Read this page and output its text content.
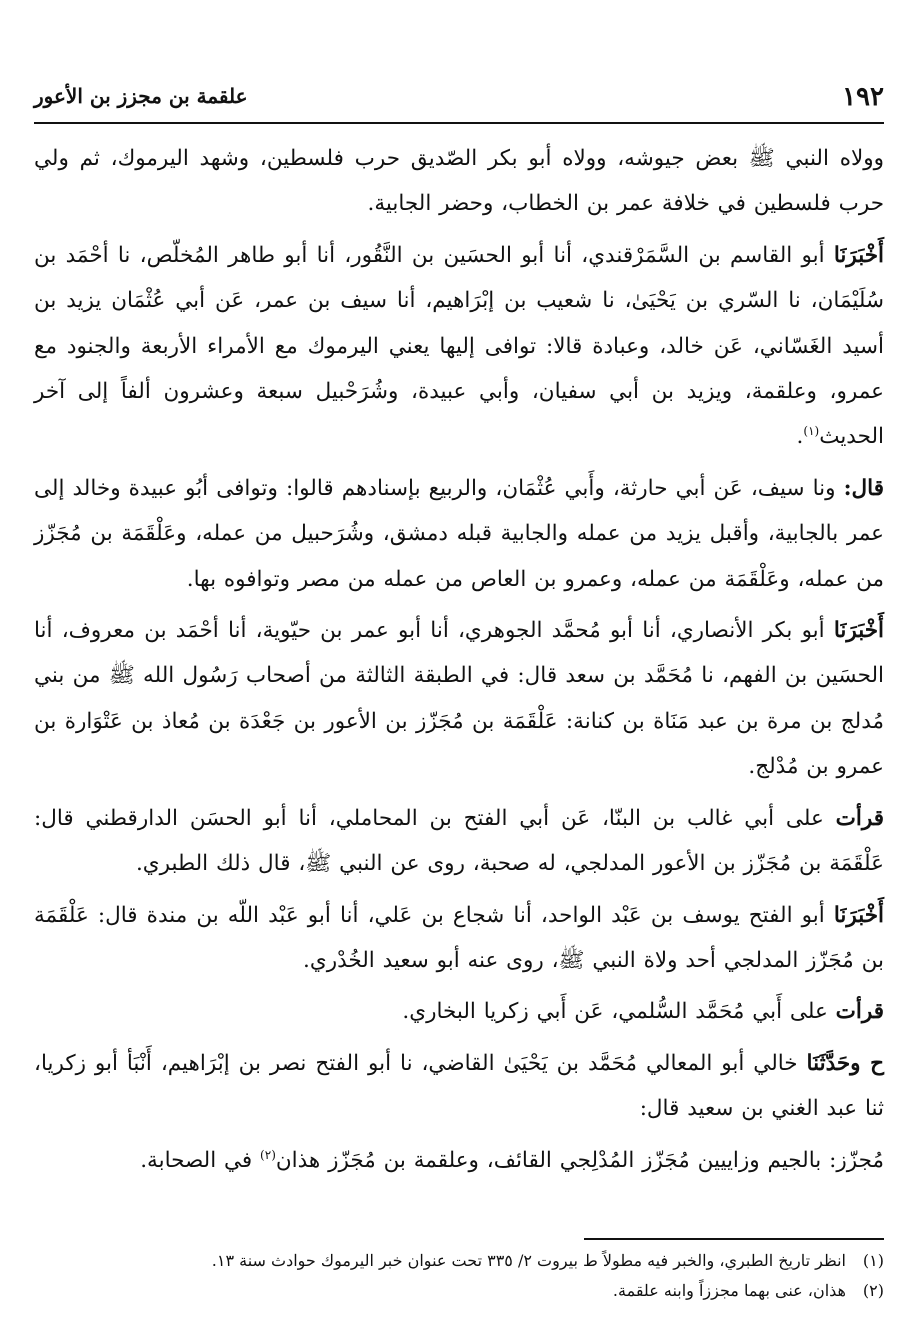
١٩٢
علقمة بن مجزز بن الأعور

وولاه النبي ﷺ بعض جيوشه، وولاه أبو بكر الصّديق حرب فلسطين، وشهد اليرموك، ثم ولي حرب فلسطين في خلافة عمر بن الخطاب، وحضر الجابية.

أَخْبَرَنَا أبو القاسم بن السَّمَرْقندي، أنا أبو الحسَين بن النَّقُور، أنا أبو طاهر المُخلّص، نا أحْمَد بن سُلَيْمَان، نا السّري بن يَحْيَىٰ، نا شعيب بن إبْرَاهيم، أنا سيف بن عمر، عَن أبي عُثْمَان يزيد بن أسيد الغَسّاني، عَن خالد، وعبادة قالا: توافى إليها يعني اليرموك مع الأمراء الأربعة والجنود مع عمرو، وعلقمة، ويزيد بن أبي سفيان، وأبي عبيدة، وشُرَحْبيل سبعة وعشرون ألفاً إلى آخر الحديث$^{(١)}$.

قال: ونا سيف، عَن أبي حارثة، وأَبي عُثْمَان، والربيع بإسنادهم قالوا: وتوافى أبُو عبيدة وخالد إلى عمر بالجابية، وأقبل يزيد من عمله والجابية قبله دمشق، وشُرَحبيل من عمله، وعَلْقَمَة بن مُجَزّز من عمله، وعَلْقَمَة من عمله، وعمرو بن العاص من عمله من مصر وتوافوه بها.

أَخْبَرَنَا أبو بكر الأنصاري، أنا أبو مُحمَّد الجوهري، أنا أبو عمر بن حيّوية، أنا أحْمَد بن معروف، أنا الحسَين بن الفهم، نا مُحَمَّد بن سعد قال: في الطبقة الثالثة من أصحاب رَسُول الله ﷺ من بني مُدلج بن مرة بن عبد مَنَاة بن كنانة: عَلْقَمَة بن مُجَزّز بن الأعور بن جَعْدَة بن مُعاذ بن عَتْوَارة بن عمرو بن مُدْلج.

قرأت على أبي غالب بن البنّا، عَن أبي الفتح بن المحاملي، أنا أبو الحسَن الدارقطني قال: عَلْقَمَة بن مُجَزّز بن الأعور المدلجي، له صحبة، روى عن النبي ﷺ، قال ذلك الطبري.

أَخْبَرَنَا أبو الفتح يوسف بن عَبْد الواحد، أنا شجاع بن عَلي، أنا أبو عَبْد اللّه بن مندة قال: عَلْقَمَة بن مُجَزّز المدلجي أحد ولاة النبي ﷺ، روى عنه أبو سعيد الخُدْري.

قرأت على أَبي مُحَمَّد السُّلمي، عَن أَبي زكريا البخاري.

ح وحَدَّثَنَا خالي أبو المعالي مُحَمَّد بن يَحْيَىٰ القاضي، نا أبو الفتح نصر بن إبْرَاهيم، أَنْبَأ أبو زكريا، ثنا عبد الغني بن سعيد قال:

مُجزّز: بالجيم وزاييين مُجَزّز المُدْلِجي القائف، وعلقمة بن مُجَزّز هذان$^{(٢)}$ في الصحابة.

(١)انظر تاريخ الطبري، والخبر فيه مطولاً ط بيروت ٢/ ٣٣٥ تحت عنوان خبر اليرموك حوادث سنة ١٣.

(٢)هذان، عنى بهما مجززاً وابنه علقمة.
